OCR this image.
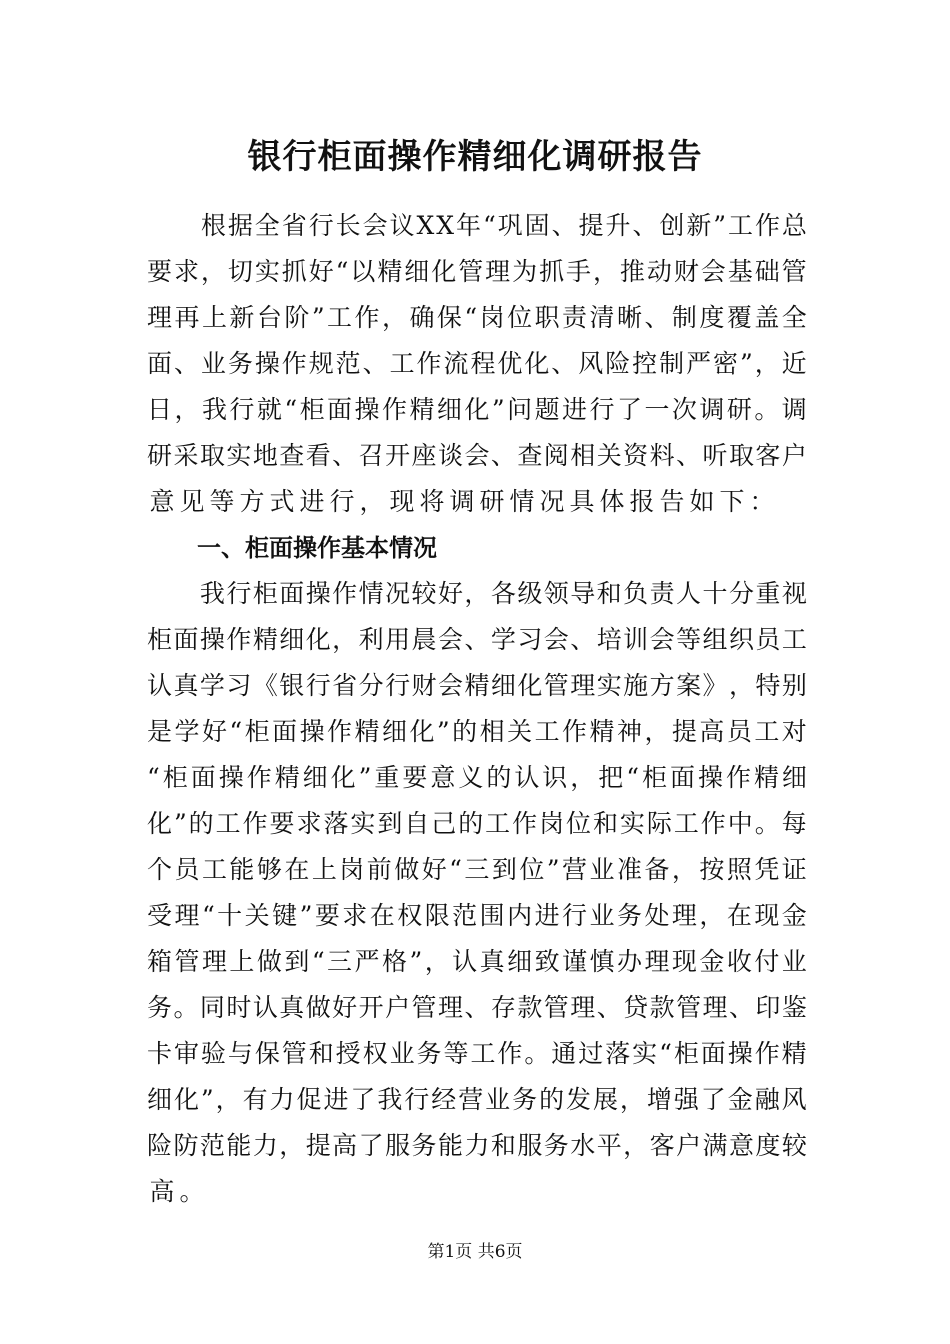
银行柜面操作精细化调研报告

根 据 全 省 行 长 会 议 X X 年 “ 巩 固 、 提 升 、 创 新 ” 工 作 总
要 求 ， 切 实 抓 好 “ 以 精 细 化 管 理 为 抓 手 ， 推 动 财 会 基 础 管
理 再 上 新 台 阶 ” 工 作 ， 确 保 “ 岗 位 职 责 清 晰 、 制 度 覆 盖 全
面 、 业 务 操 作 规 范 、 工 作 流 程 优 化 、 风 险 控 制 严 密 ” ， 近
日 ， 我 行 就 “ 柜 面 操 作 精 细 化 ” 问 题 进 行 了 一 次 调 研 。 调
研 采 取 实 地 查 看 、 召 开 座 谈 会 、 查 阅 相 关 资 料 、 听 取 客 户
意 见 等 方 式 进 行 ， 现 将 调 研 情 况 具 体 报 告 如 下 ：
一、柜面操作基本情况

我 行 柜 面 操 作 情 况 较 好 ， 各 级 领 导 和 负 责 人 十 分 重 视
柜 面 操 作 精 细 化 ， 利 用 晨 会 、 学 习 会 、 培 训 会 等 组 织 员 工
认 真 学 习 《 银 行 省 分 行 财 会 精 细 化 管 理 实 施 方 案 》 ， 特 别
是 学 好 “ 柜 面 操 作 精 细 化 ” 的 相 关 工 作 精 神 ， 提 高 员 工 对
“ 柜 面 操 作 精 细 化 ” 重 要 意 义 的 认 识 ， 把 “ 柜 面 操 作 精 细
化 ” 的 工 作 要 求 落 实 到 自 己 的 工 作 岗 位 和 实 际 工 作 中 。 每
个 员 工 能 够 在 上 岗 前 做 好 “ 三 到 位 ” 营 业 准 备 ， 按 照 凭 证
受 理 “ 十 关 键 ” 要 求 在 权 限 范 围 内 进 行 业 务 处 理 ， 在 现 金
箱 管 理 上 做 到 “ 三 严 格 ” ， 认 真 细 致 谨 慎 办 理 现 金 收 付 业
务 。 同 时 认 真 做 好 开 户 管 理 、 存 款 管 理 、 贷 款 管 理 、 印 鉴
卡 审 验 与 保 管 和 授 权 业 务 等 工 作 。 通 过 落 实 “ 柜 面 操 作 精
细 化 ” ， 有 力 促 进 了 我 行 经 营 业 务 的 发 展 ， 增 强 了 金 融 风
险 防 范 能 力 ， 提 高 了 服 务 能 力 和 服 务 水 平 ， 客 户 满 意 度 较
高 。
第1页 共6页
